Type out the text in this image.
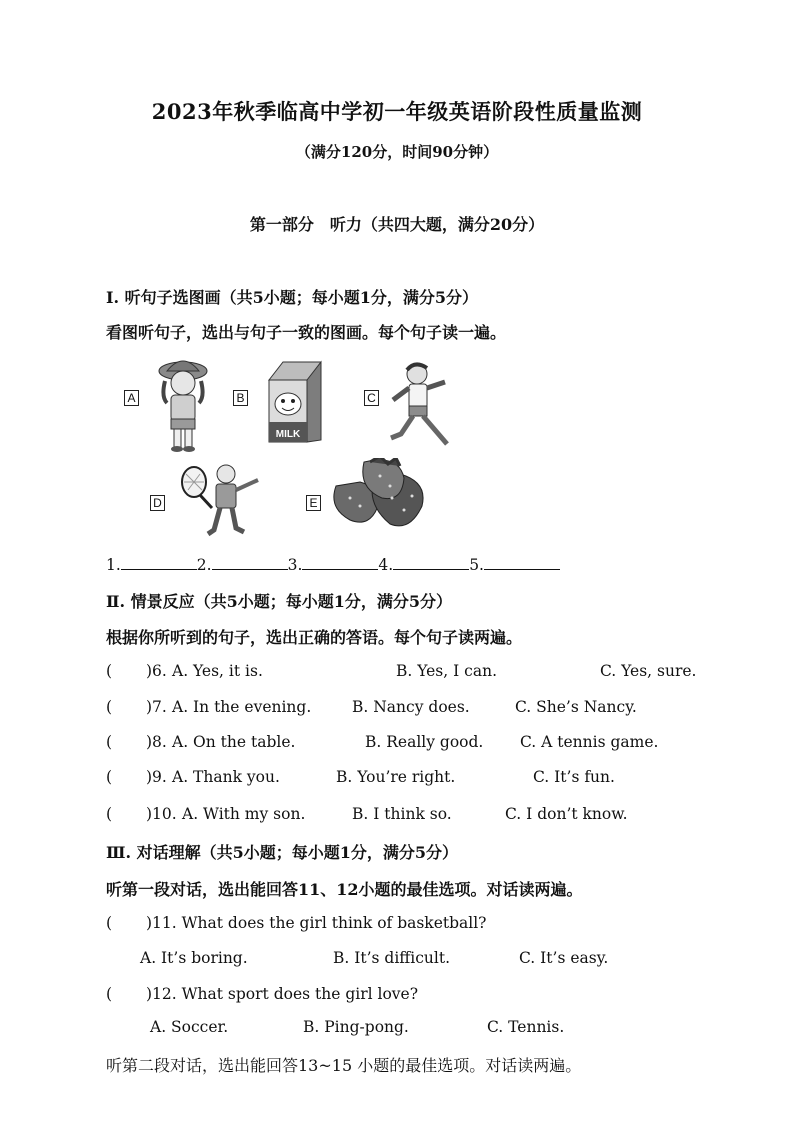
2023年秋季临高中学初一年级英语阶段性质量监测
（满分120分，时间90分钟）
第一部分　听力（共四大题，满分20分）
Ⅰ. 听句子选图画（共5小题；每小题1分，满分5分）
看图听句子，选出与句子一致的图画。每个句子读一遍。
A	B
MILK
C
D	E
1.	2.	3.	4.	5.
Ⅱ. 情景反应（共5小题；每小题1分，满分5分）
根据你所听到的句子，选出正确的答语。每个句子读两遍。
( )6. A. Yes, it is.	B. Yes, I can.	C. Yes, sure.
( )7. A. In the evening.	B. Nancy does.	C. She’s Nancy.
( )8. A. On the table.	B. Really good. C. A tennis game.
( )9. A. Thank you.	B. You’re right.	C. It’s fun.
( )10. A. With my son.	B. I think so.	C. I don’t know.
Ⅲ. 对话理解（共5小题；每小题1分，满分5分）
听第一段对话，选出能回答11、12小题的最佳选项。对话读两遍。
( )11. What does the girl think of basketball?
A. It’s boring.	B. It’s difficult.	C. It’s easy.
( )12. What sport does the girl love?
A. Soccer.	B. Ping-pong.	C. Tennis.
听第二段对话，选出能回答13~15 小题的最佳选项。对话读两遍。
